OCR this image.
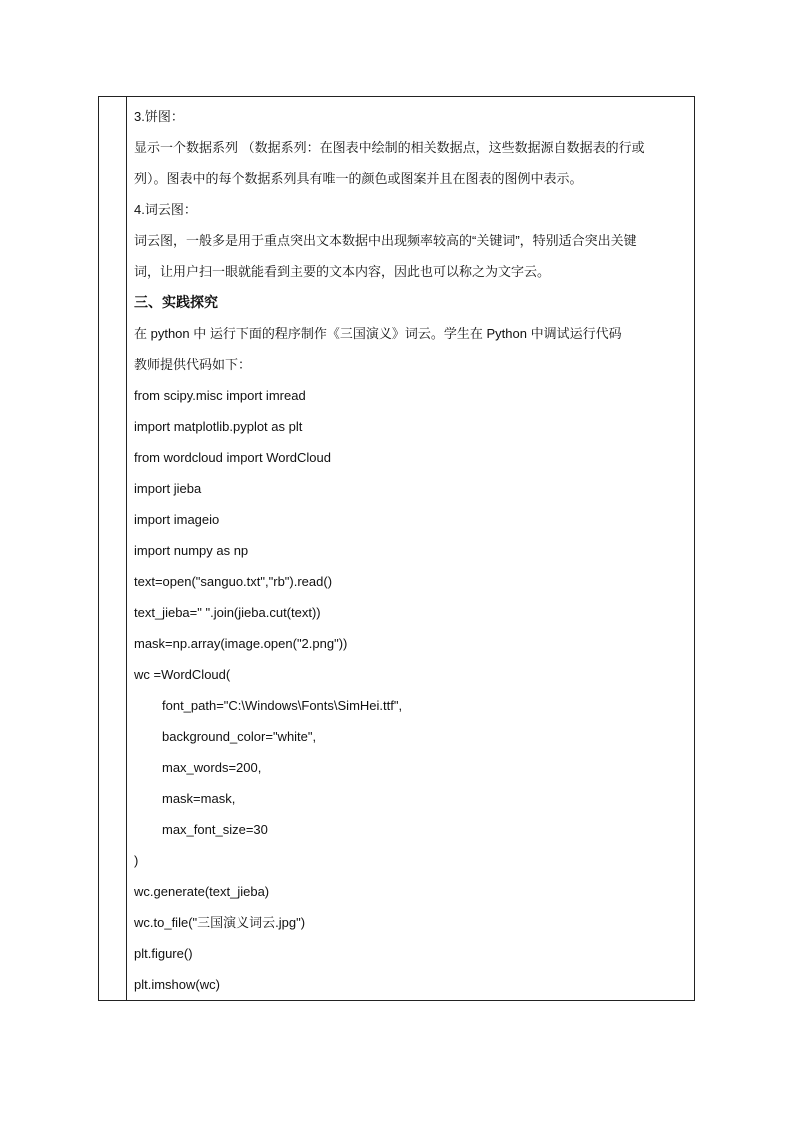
3.饼图：
显示一个数据系列 （数据系列：在图表中绘制的相关数据点，这些数据源自数据表的行或
列）。图表中的每个数据系列具有唯一的颜色或图案并且在图表的图例中表示。
4.词云图：
词云图，一般多是用于重点突出文本数据中出现频率较高的“关键词”，特别适合突出关键
词，让用户扫一眼就能看到主要的文本内容，因此也可以称之为文字云。
三、实践探究
在 python 中 运行下面的程序制作《三国演义》词云。学生在 Python 中调试运行代码
教师提供代码如下：
from scipy.misc import imread
import matplotlib.pyplot as plt
from wordcloud import WordCloud
import jieba
import imageio
import numpy as np
text=open("sanguo.txt","rb").read()
text_jieba=" ".join(jieba.cut(text))
mask=np.array(image.open("2.png"))
wc =WordCloud(
font_path="C:\Windows\Fonts\SimHei.ttf",
background_color="white",
max_words=200,
mask=mask,
max_font_size=30
)
wc.generate(text_jieba)
wc.to_file("三国演义词云.jpg")
plt.figure()
plt.imshow(wc)
